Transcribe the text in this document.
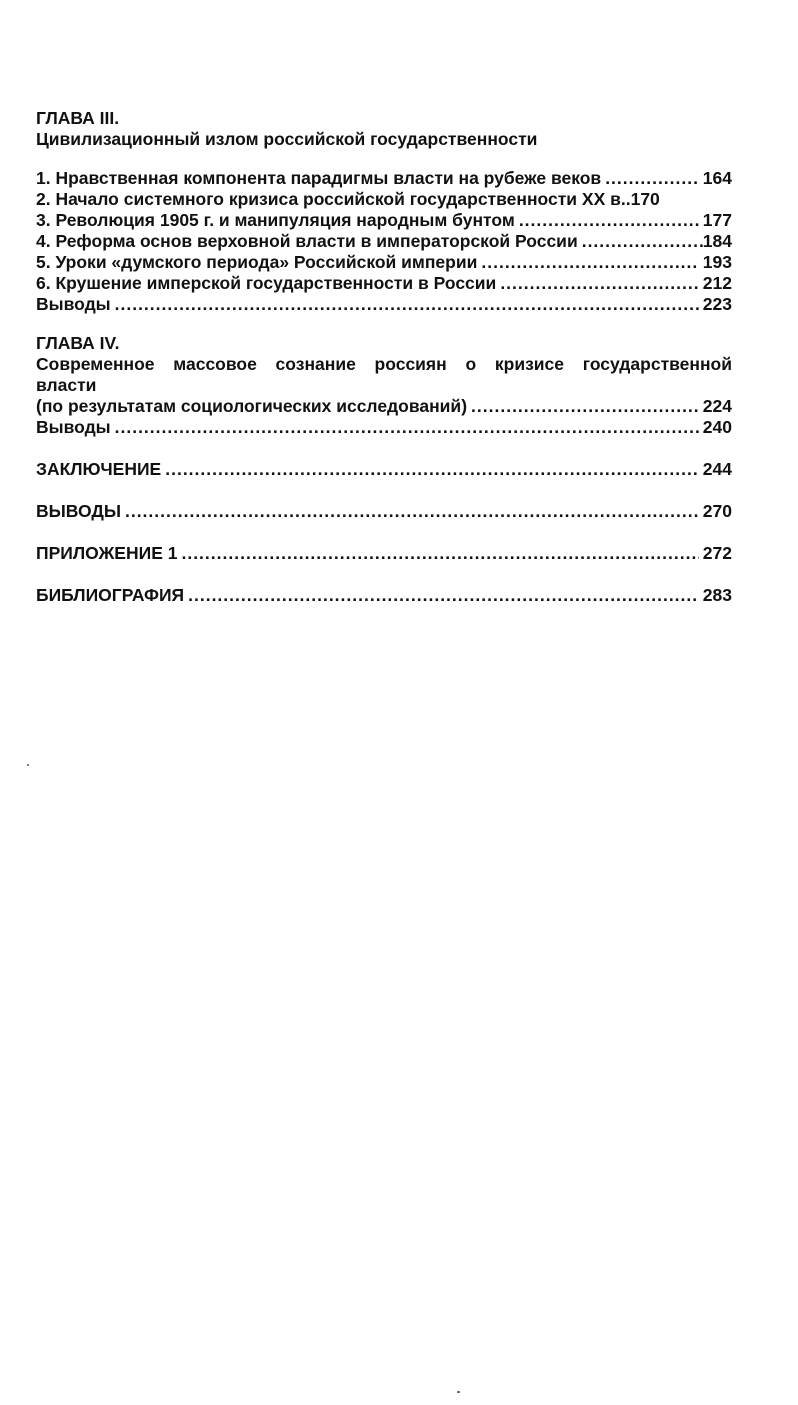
ГЛАВА III.
Цивилизационный излом российской государственности
1. Нравственная компонента парадигмы власти на рубеже веков .....	164
2. Начало системного кризиса российской государственности XX в.. 170
3. Революция 1905 г. и манипуляция народным бунтом .....	177
4. Реформа основ верховной власти в императорской России .....	184
5. Уроки «думского периода» Российской империи .....	193
6. Крушение имперской государственности в России .....	212
Выводы .....	223
ГЛАВА IV.
Современное массовое сознание россиян о кризисе государственной
власти
(по результатам социологических исследований) .....	224
Выводы .....	240
ЗАКЛЮЧЕНИЕ .....	244
ВЫВОДЫ .....	270
ПРИЛОЖЕНИЕ 1 .....	272
БИБЛИОГРАФИЯ .....	283
